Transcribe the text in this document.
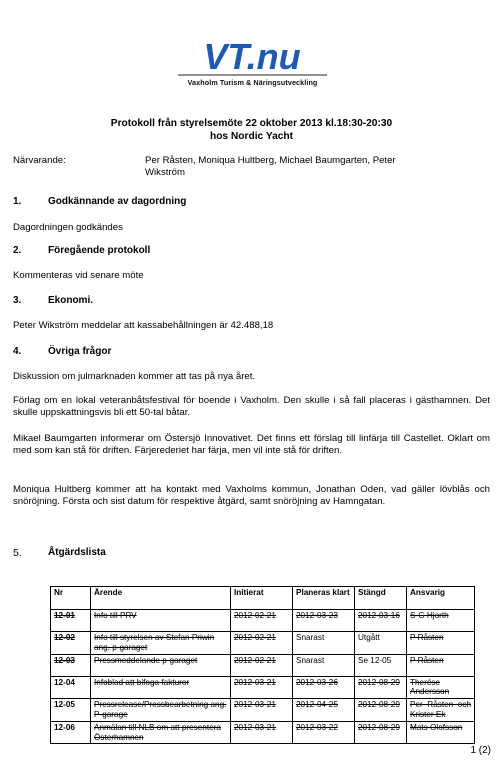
VT.nu
Vaxholm Turism & Näringsutveckling
Protokoll från styrelsemöte 22 oktober 2013 kl.18:30-20:30
hos Nordic Yacht
Närvarande:	Per Råsten, Moniqua Hultberg, Michael Baumgarten, Peter
Wikström
1.	Godkännande av dagordning
Dagordningen godkändes
2.	Föregående protokoll
Kommenteras vid senare möte
3.	Ekonomi.
Peter Wikström meddelar att kassabehållningen är 42.488,18
4.	Övriga frågor
Diskussion om julmarknaden kommer att tas på nya året.
Förlag om en lokal veteranbåtsfestival för boende i Vaxholm. Den skulle i så fall placeras i gästhamnen. Det skulle uppskattningsvis bli ett 50-tal båtar.
Mikael Baumgarten informerar om Östersjö Innovativet. Det finns ett förslag till linfärja till Castellet. Oklart om med som kan stå för driften. Färjerederiet har färja, men vil inte stå för driften.
Moniqua Hultberg kommer att ha kontakt med Vaxholms kommun, Jonathan Oden, vad gäller lövblås och snöröjning. Första och sist datum för respektive åtgärd, samt snöröjning av Hamngatan.
5.	Åtgärdslista
Nr	Ärende	Initierat	Planeras klart	Stängd	Ansvarig
12-01	Info till PRV	2012-02-21	2012-03-23	2012-03-16	S-G Hjorth
12-02	Info till styrelsen av Stefan Priwin ang. p-garaget	2012-02-21	Snarast	Utgått	P Råsten
12-03	Pressmeddelande p-garaget	2012-02-21	Snarast	Se 12-05	P Råsten
12-04	Infoblad att bifoga fakturor	2012-03-21	2012-03-26	2012-08-29	Therése Andersson
12-05	Pressrelease/Pressbearbetning ang. P-garage	2012-03-21	2012-04-25	2012-08-29	Per Råsten och Krister Ek
12-06	Anmälan till NLB om att presentera Österhamnen	2012-03-21	2012-03-22	2012-08-29	Mats Olofsson
1 (2)
